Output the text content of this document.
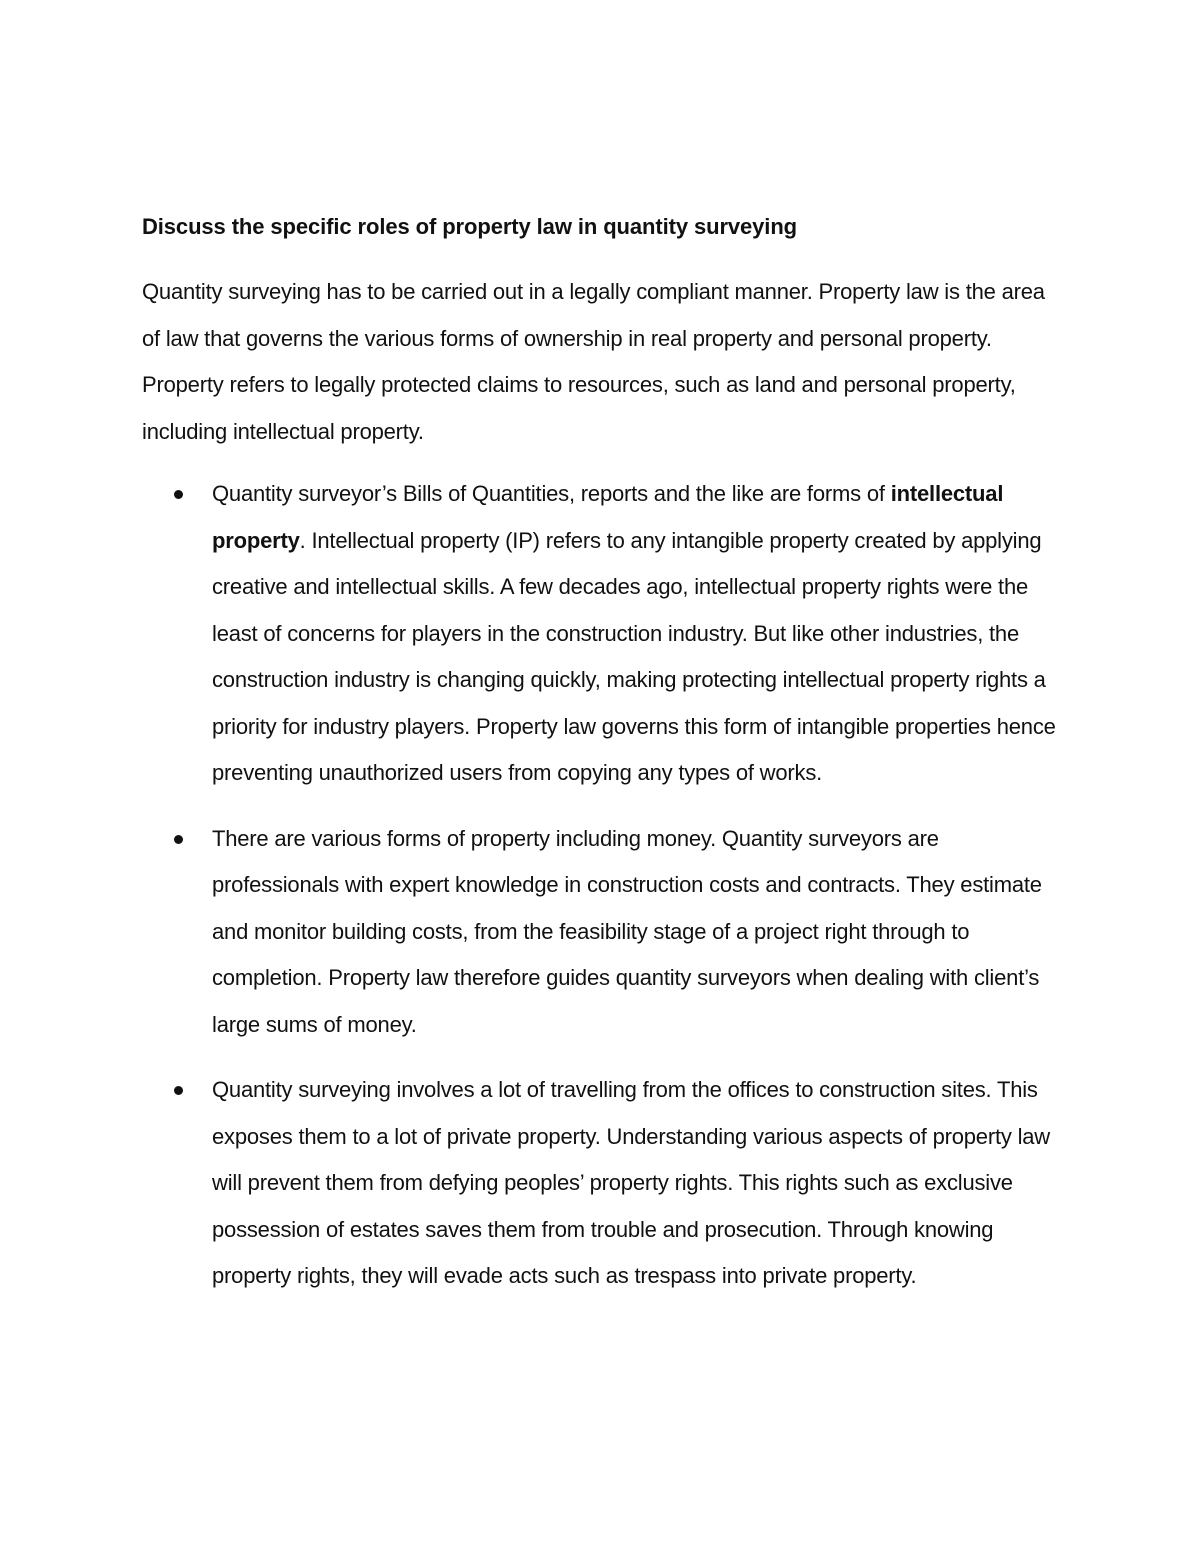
Discuss the specific roles of property law in quantity surveying

Quantity surveying has to be carried out in a legally compliant manner. Property law is the area of law that governs the various forms of ownership in real property and personal property. Property refers to legally protected claims to resources, such as land and personal property, including intellectual property.

Quantity surveyor’s Bills of Quantities, reports and the like are forms of intellectual property. Intellectual property (IP) refers to any intangible property created by applying creative and intellectual skills. A few decades ago, intellectual property rights were the least of concerns for players in the construction industry. But like other industries, the construction industry is changing quickly, making protecting intellectual property rights a priority for industry players. Property law governs this form of intangible properties hence preventing unauthorized users from copying any types of works.
There are various forms of property including money. Quantity surveyors are professionals with expert knowledge in construction costs and contracts. They estimate and monitor building costs, from the feasibility stage of a project right through to completion. Property law therefore guides quantity surveyors when dealing with client’s large sums of money.
Quantity surveying involves a lot of travelling from the offices to construction sites. This exposes them to a lot of private property. Understanding various aspects of property law will prevent them from defying peoples’ property rights. This rights such as exclusive possession of estates saves them from trouble and prosecution. Through knowing property rights, they will evade acts such as trespass into private property.
